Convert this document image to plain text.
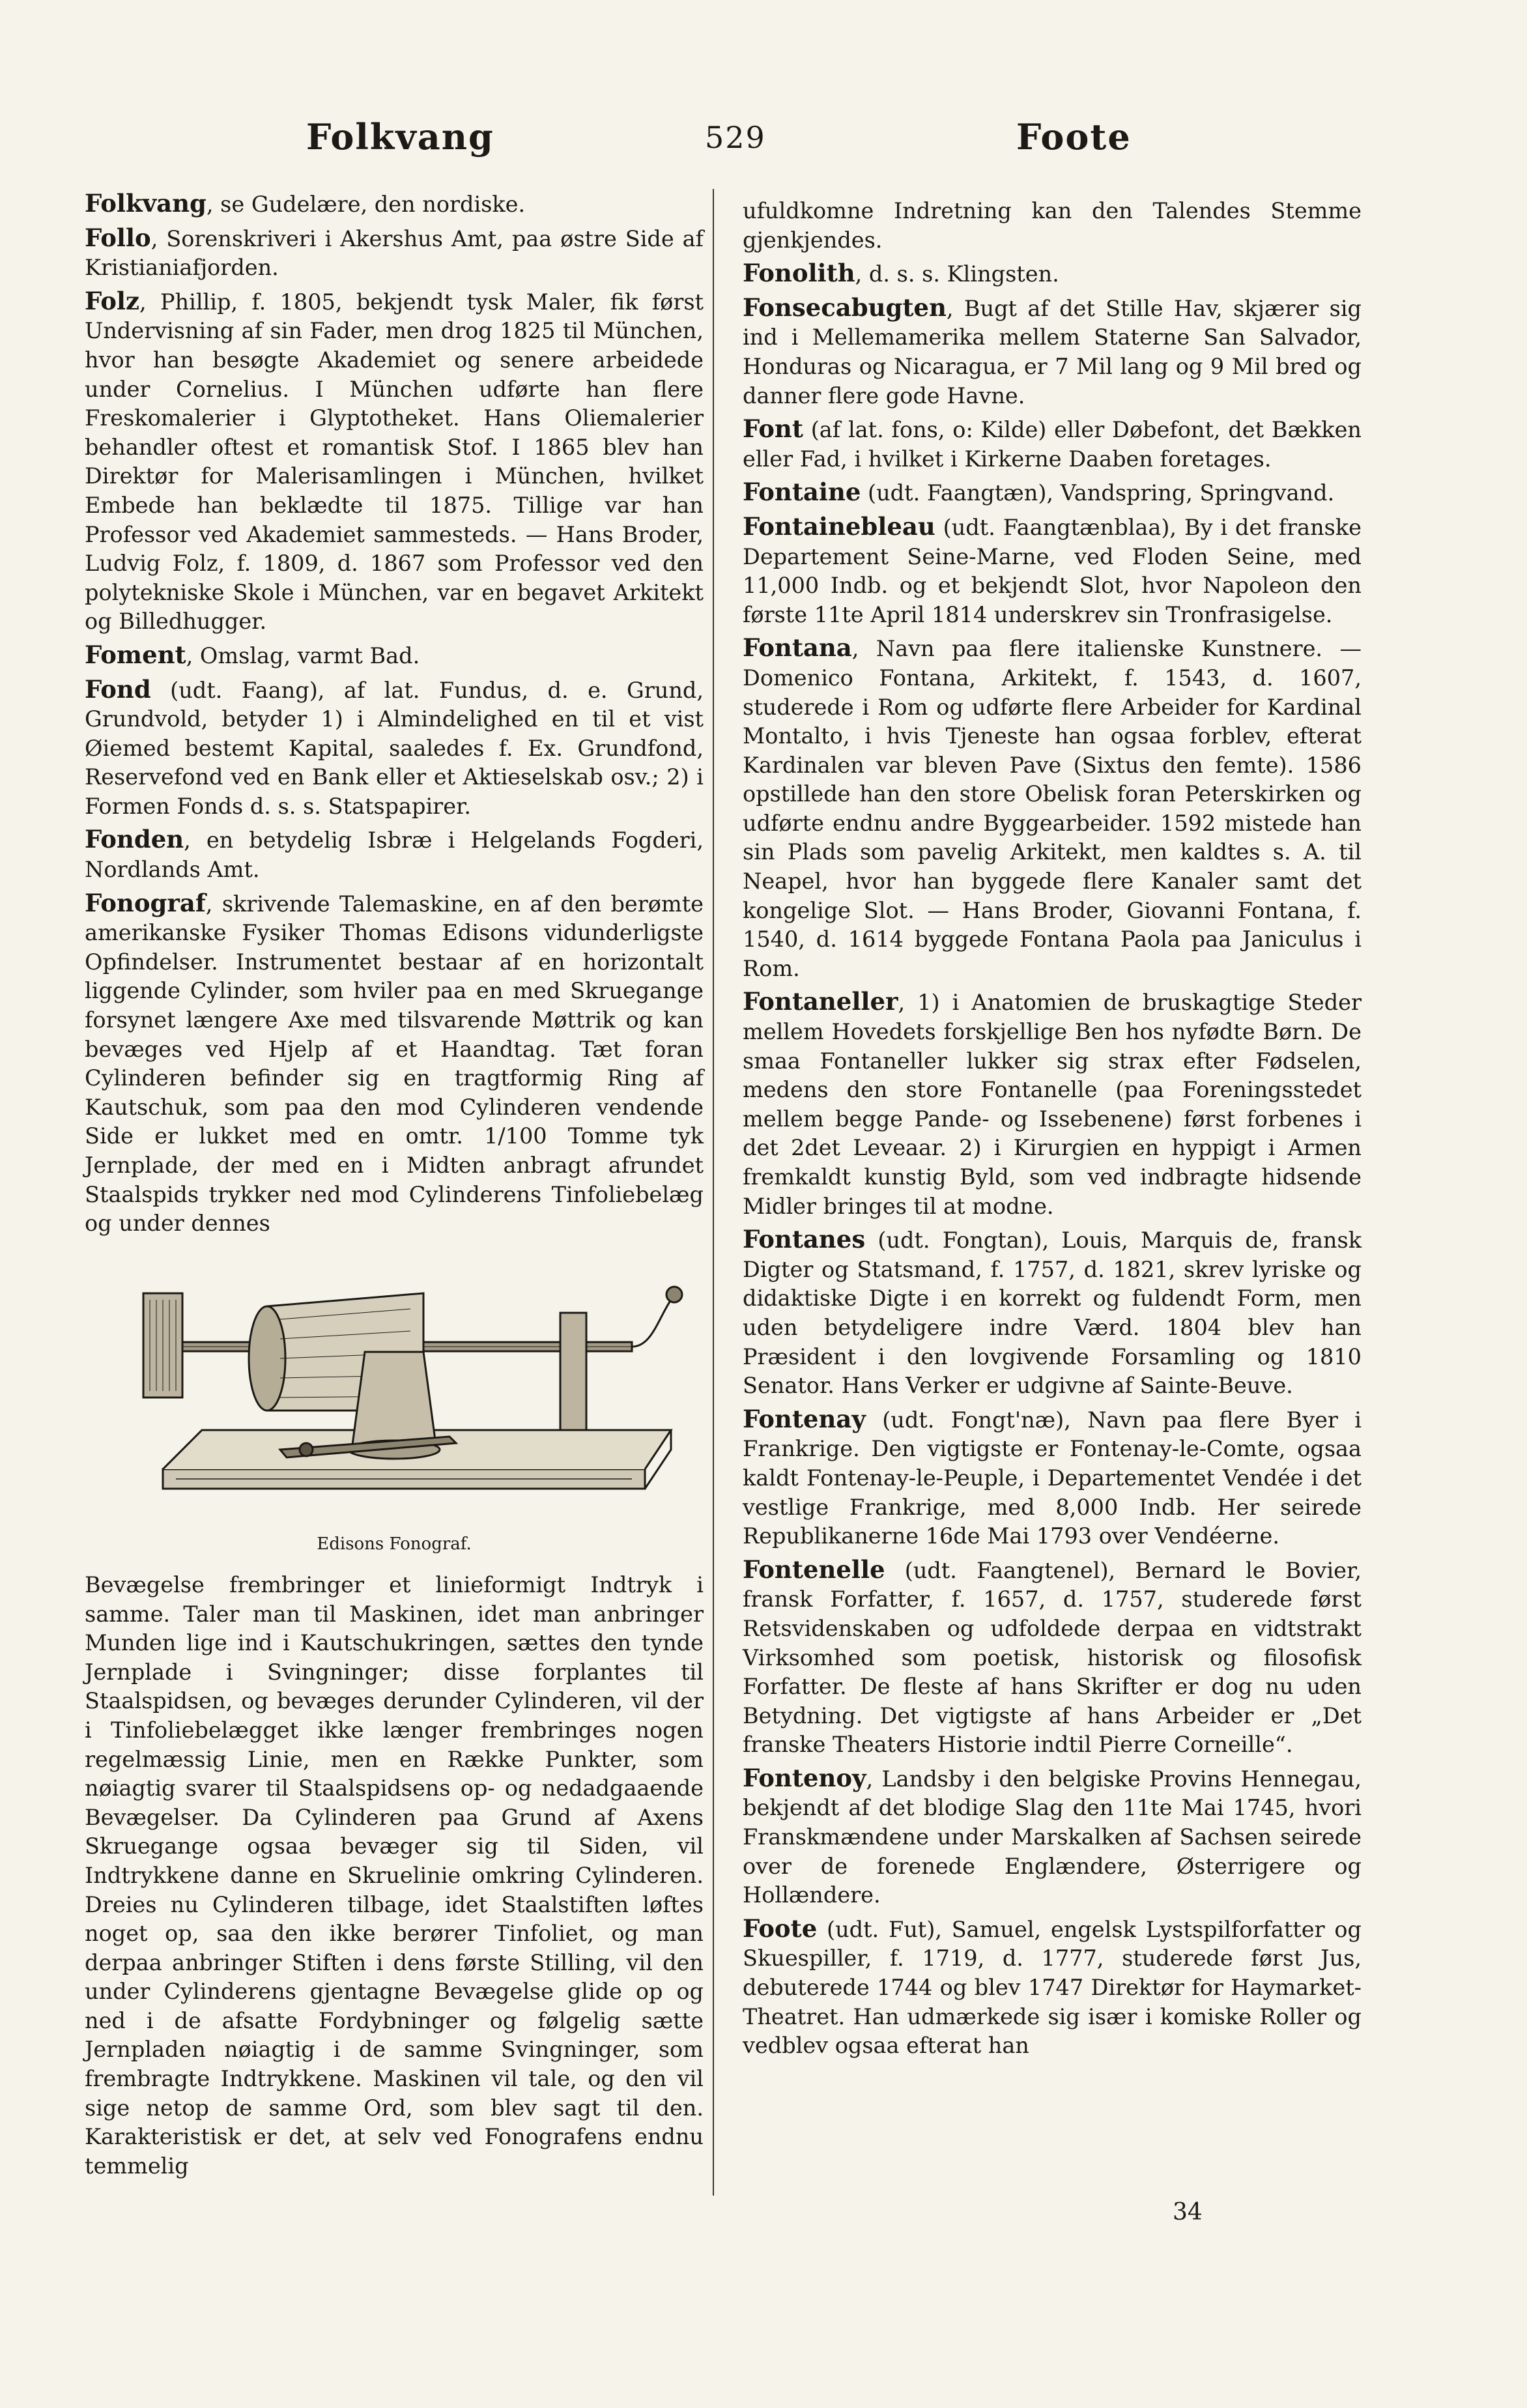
Folkvang	529	Foote

Folkvang, se Gudelære, den nordiske.

Follo, Sorenskriveri i Akershus Amt, paa østre Side af Kristianiafjorden.

Folz, Phillip, f. 1805, bekjendt tysk Maler, fik først Undervisning af sin Fader, men drog 1825 til München, hvor han besøgte Akademiet og senere arbeidede under Cornelius. I München udførte han flere Freskomalerier i Glyptotheket. Hans Oliemalerier behandler oftest et romantisk Stof. I 1865 blev han Direktør for Malerisamlingen i München, hvilket Embede han beklædte til 1875. Tillige var han Professor ved Akademiet sammesteds. — Hans Broder, Ludvig Folz, f. 1809, d. 1867 som Professor ved den polytekniske Skole i München, var en begavet Arkitekt og Billedhugger.

Foment, Omslag, varmt Bad.

Fond (udt. Faang), af lat. Fundus, d. e. Grund, Grundvold, betyder 1) i Almindelighed en til et vist Øiemed bestemt Kapital, saaledes f. Ex. Grundfond, Reservefond ved en Bank eller et Aktieselskab osv.; 2) i Formen Fonds d. s. s. Statspapirer.

Fonden, en betydelig Isbræ i Helgelands Fogderi, Nordlands Amt.

Fonograf, skrivende Talemaskine, en af den berømte amerikanske Fysiker Thomas Edisons vidunderligste Opfindelser. Instrumentet bestaar af en horizontalt liggende Cylinder, som hviler paa en med Skruegange forsynet længere Axe med tilsvarende Møttrik og kan bevæges ved Hjelp af et Haandtag. Tæt foran Cylinderen befinder sig en tragtformig Ring af Kautschuk, som paa den mod Cylinderen vendende Side er lukket med en omtr. 1/100 Tomme tyk Jernplade, der med en i Midten anbragt afrundet Staalspids trykker ned mod Cylinderens Tinfoliebelæg og under dennes

Edisons Fonograf.

Bevægelse frembringer et linieformigt Indtryk i samme. Taler man til Maskinen, idet man anbringer Munden lige ind i Kautschukringen, sættes den tynde Jernplade i Svingninger; disse forplantes til Staalspidsen, og bevæges derunder Cylinderen, vil der i Tinfoliebelægget ikke længer frembringes nogen regelmæssig Linie, men en Række Punkter, som nøiagtig svarer til Staalspidsens op- og nedadgaaende Bevægelser. Da Cylinderen paa Grund af Axens Skruegange ogsaa bevæger sig til Siden, vil Indtrykkene danne en Skruelinie omkring Cylinderen. Dreies nu Cylinderen tilbage, idet Staalstiften løftes noget op, saa den ikke berører Tinfoliet, og man derpaa anbringer Stiften i dens første Stilling, vil den under Cylinderens gjentagne Bevægelse glide op og ned i de afsatte Fordybninger og følgelig sætte Jernpladen nøiagtig i de samme Svingninger, som frembragte Indtrykkene. Maskinen vil tale, og den vil sige netop de samme Ord, som blev sagt til den. Karakteristisk er det, at selv ved Fonografens endnu temmelig

ufuldkomne Indretning kan den Talendes Stemme gjenkjendes.

Fonolith, d. s. s. Klingsten.

Fonsecabugten, Bugt af det Stille Hav, skjærer sig ind i Mellemamerika mellem Staterne San Salvador, Honduras og Nicaragua, er 7 Mil lang og 9 Mil bred og danner flere gode Havne.

Font (af lat. fons, o: Kilde) eller Døbefont, det Bækken eller Fad, i hvilket i Kirkerne Daaben foretages.

Fontaine (udt. Faangtæn), Vandspring, Springvand.

Fontainebleau (udt. Faangtænblaa), By i det franske Departement Seine-Marne, ved Floden Seine, med 11,000 Indb. og et bekjendt Slot, hvor Napoleon den første 11te April 1814 underskrev sin Tronfrasigelse.

Fontana, Navn paa flere italienske Kunstnere. — Domenico Fontana, Arkitekt, f. 1543, d. 1607, studerede i Rom og udførte flere Arbeider for Kardinal Montalto, i hvis Tjeneste han ogsaa forblev, efterat Kardinalen var bleven Pave (Sixtus den femte). 1586 opstillede han den store Obelisk foran Peterskirken og udførte endnu andre Byggearbeider. 1592 mistede han sin Plads som pavelig Arkitekt, men kaldtes s. A. til Neapel, hvor han byggede flere Kanaler samt det kongelige Slot. — Hans Broder, Giovanni Fontana, f. 1540, d. 1614 byggede Fontana Paola paa Janiculus i Rom.

Fontaneller, 1) i Anatomien de bruskagtige Steder mellem Hovedets forskjellige Ben hos nyfødte Børn. De smaa Fontaneller lukker sig strax efter Fødselen, medens den store Fontanelle (paa Foreningsstedet mellem begge Pande- og Issebenene) først forbenes i det 2det Leveaar. 2) i Kirurgien en hyppigt i Armen fremkaldt kunstig Byld, som ved indbragte hidsende Midler bringes til at modne.

Fontanes (udt. Fongtan), Louis, Marquis de, fransk Digter og Statsmand, f. 1757, d. 1821, skrev lyriske og didaktiske Digte i en korrekt og fuldendt Form, men uden betydeligere indre Værd. 1804 blev han Præsident i den lovgivende Forsamling og 1810 Senator. Hans Verker er udgivne af Sainte-Beuve.

Fontenay (udt. Fongt'næ), Navn paa flere Byer i Frankrige. Den vigtigste er Fontenay-le-Comte, ogsaa kaldt Fontenay-le-Peuple, i Departementet Vendée i det vestlige Frankrige, med 8,000 Indb. Her seirede Republikanerne 16de Mai 1793 over Vendéerne.

Fontenelle (udt. Faangtenel), Bernard le Bovier, fransk Forfatter, f. 1657, d. 1757, studerede først Retsvidenskaben og udfoldede derpaa en vidtstrakt Virksomhed som poetisk, historisk og filosofisk Forfatter. De fleste af hans Skrifter er dog nu uden Betydning. Det vigtigste af hans Arbeider er „Det franske Theaters Historie indtil Pierre Corneille“.

Fontenoy, Landsby i den belgiske Provins Hennegau, bekjendt af det blodige Slag den 11te Mai 1745, hvori Franskmændene under Marskalken af Sachsen seirede over de forenede Englændere, Østerrigere og Hollændere.

Foote (udt. Fut), Samuel, engelsk Lystspilforfatter og Skuespiller, f. 1719, d. 1777, studerede først Jus, debuterede 1744 og blev 1747 Direktør for Haymarket-Theatret. Han udmærkede sig især i komiske Roller og vedblev ogsaa efterat han

34
